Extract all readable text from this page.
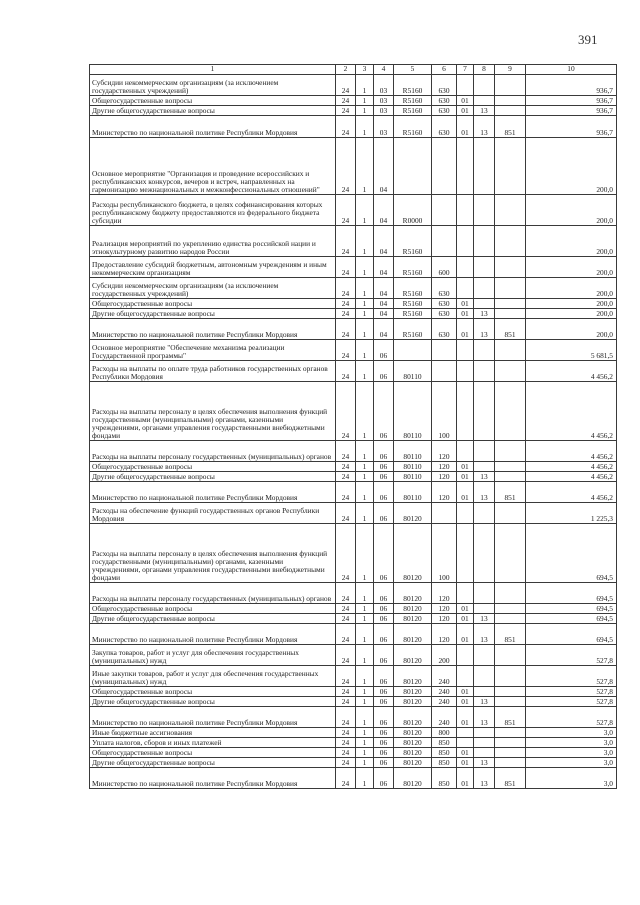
391
1	2	3	4	5	6	7	8	9	10
Субсидии некоммерческим организациям (за исключением государственных учреждений)	24	1	03	R5160	630				936,7
Общегосударственные вопросы	24	1	03	R5160	630	01			936,7
Другие общегосударственные вопросы	24	1	03	R5160	630	01	13		936,7
Министерство по национальной политике Республики Мордовия	24	1	03	R5160	630	01	13	851	936,7
Основное мероприятие "Организация и проведение всероссийских и республиканских конкурсов, вечеров и встреч, направленных на гармонизацию межнациональных и межконфессиональных отношений"	24	1	04						200,0
Расходы республиканского бюджета, в целях софинансирования которых республиканскому бюджету предоставляются из федерального бюджета субсидии	24	1	04	R0000					200,0
Реализация мероприятий по укреплению единства российской нации и этнокультурному развитию народов России	24	1	04	R5160					200,0
Предоставление субсидий бюджетным, автономным учреждениям и иным некоммерческим организациям	24	1	04	R5160	600				200,0
Субсидии некоммерческим организациям (за исключением государственных учреждений)	24	1	04	R5160	630				200,0
Общегосударственные вопросы	24	1	04	R5160	630	01			200,0
Другие общегосударственные вопросы	24	1	04	R5160	630	01	13		200,0
Министерство по национальной политике Республики Мордовия	24	1	04	R5160	630	01	13	851	200,0
Основное мероприятие "Обеспечение механизма реализации Государственной программы"	24	1	06						5 681,5
Расходы на выплаты по оплате труда работников государственных органов Республики Мордовия	24	1	06	80110					4 456,2
Расходы на выплаты персоналу в целях обеспечения выполнения функций государственными (муниципальными) органами, казенными учреждениями, органами управления государственными внебюджетными фондами	24	1	06	80110	100				4 456,2
Расходы на выплаты персоналу государственных (муниципальных) органов	24	1	06	80110	120				4 456,2
Общегосударственные вопросы	24	1	06	80110	120	01			4 456,2
Другие общегосударственные вопросы	24	1	06	80110	120	01	13		4 456,2
Министерство по национальной политике Республики Мордовия	24	1	06	80110	120	01	13	851	4 456,2
Расходы на обеспечение функций государственных органов Республики Мордовия	24	1	06	80120					1 225,3
Расходы на выплаты персоналу в целях обеспечения выполнения функций государственными (муниципальными) органами, казенными учреждениями, органами управления государственными внебюджетными фондами	24	1	06	80120	100				694,5
Расходы на выплаты персоналу государственных (муниципальных) органов	24	1	06	80120	120				694,5
Общегосударственные вопросы	24	1	06	80120	120	01			694,5
Другие общегосударственные вопросы	24	1	06	80120	120	01	13		694,5
Министерство по национальной политике Республики Мордовия	24	1	06	80120	120	01	13	851	694,5
Закупка товаров, работ и услуг для обеспечения государственных (муниципальных) нужд	24	1	06	80120	200				527,8
Иные закупки товаров, работ и услуг для обеспечения государственных (муниципальных) нужд	24	1	06	80120	240				527,8
Общегосударственные вопросы	24	1	06	80120	240	01			527,8
Другие общегосударственные вопросы	24	1	06	80120	240	01	13		527,8
Министерство по национальной политике Республики Мордовия	24	1	06	80120	240	01	13	851	527,8
Иные бюджетные ассигнования	24	1	06	80120	800				3,0
Уплата налогов, сборов и иных платежей	24	1	06	80120	850				3,0
Общегосударственные вопросы	24	1	06	80120	850	01			3,0
Другие общегосударственные вопросы	24	1	06	80120	850	01	13		3,0
Министерство по национальной политике Республики Мордовия	24	1	06	80120	850	01	13	851	3,0
